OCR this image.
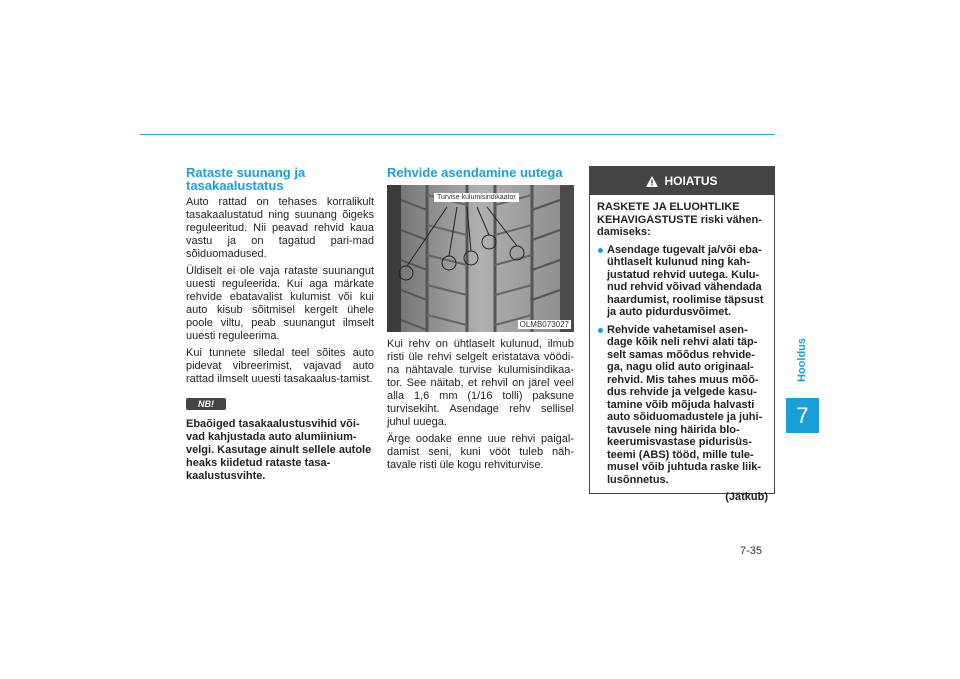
Hooldus
7
7-35
Rataste suunang ja tasakaalustatus

Auto rattad on tehases korralikult tasakaalustatud ning suunang õigeks reguleeritud. Nii peavad rehvid kaua vastu ja on tagatud pari-mad sõiduomadused.

Üldiselt ei ole vaja rataste suunangut uuesti reguleerida. Kui aga märkate rehvide ebatavalist kulumist või kui auto kisub sõitmisel kergelt ühele poole viltu, peab suunangut ilmselt uuesti reguleerima.

Kui tunnete siledal teel sõites auto pidevat vibreerimist, vajavad auto rattad ilmselt uuesti tasakaalus-tamist.

NB!

Ebaõiged tasakaalustusvihid või-vad kahjustada auto alumiinium-velgi. Kasutage ainult sellele autole heaks kiidetud rataste tasa-kaalustusvihte.

Rehvide asendamine uutega
Turvise kulumisindikaator
OLMB073027

Kui rehv on ühtlaselt kulunud, ilmub risti üle rehvi selgelt eristatava vöödi-na nähtavale turvise kulumisindikaa-tor. See näitab, et rehvil on järel veel alla 1,6 mm (1/16 tolli) paksune turvisekiht. Asendage rehv sellisel juhul uuega.

Ärge oodake enne uue rehvi paigal-damist seni, kuni vööt tuleb näh-tavale risti üle kogu rehviturvise.

HOIATUS

RASKETE JA ELUOHTLIKE KEHAVIGASTUSTE riski vähen-damiseks:

Asendage tugevalt ja/või eba-ühtlaselt kulunud ning kah-justatud rehvid uutega. Kulu-nud rehvid võivad vähendada haardumist, roolimise täpsust ja auto pidurdusvõimet.
Rehvide vahetamisel asen-dage kõik neli rehvi alati täp-selt samas mõõdus rehvide-ga, nagu olid auto originaal-rehvid. Mis tahes muus mõõ-dus rehvide ja velgede kasu-tamine võib mõjuda halvasti auto sõiduomadustele ja juhi-tavusele ning häirida blo-keerumisvastase pidurisüs-teemi (ABS) tööd, mille tule-musel võib juhtuda raske liik-lusõnnetus.
(Jätkub)
